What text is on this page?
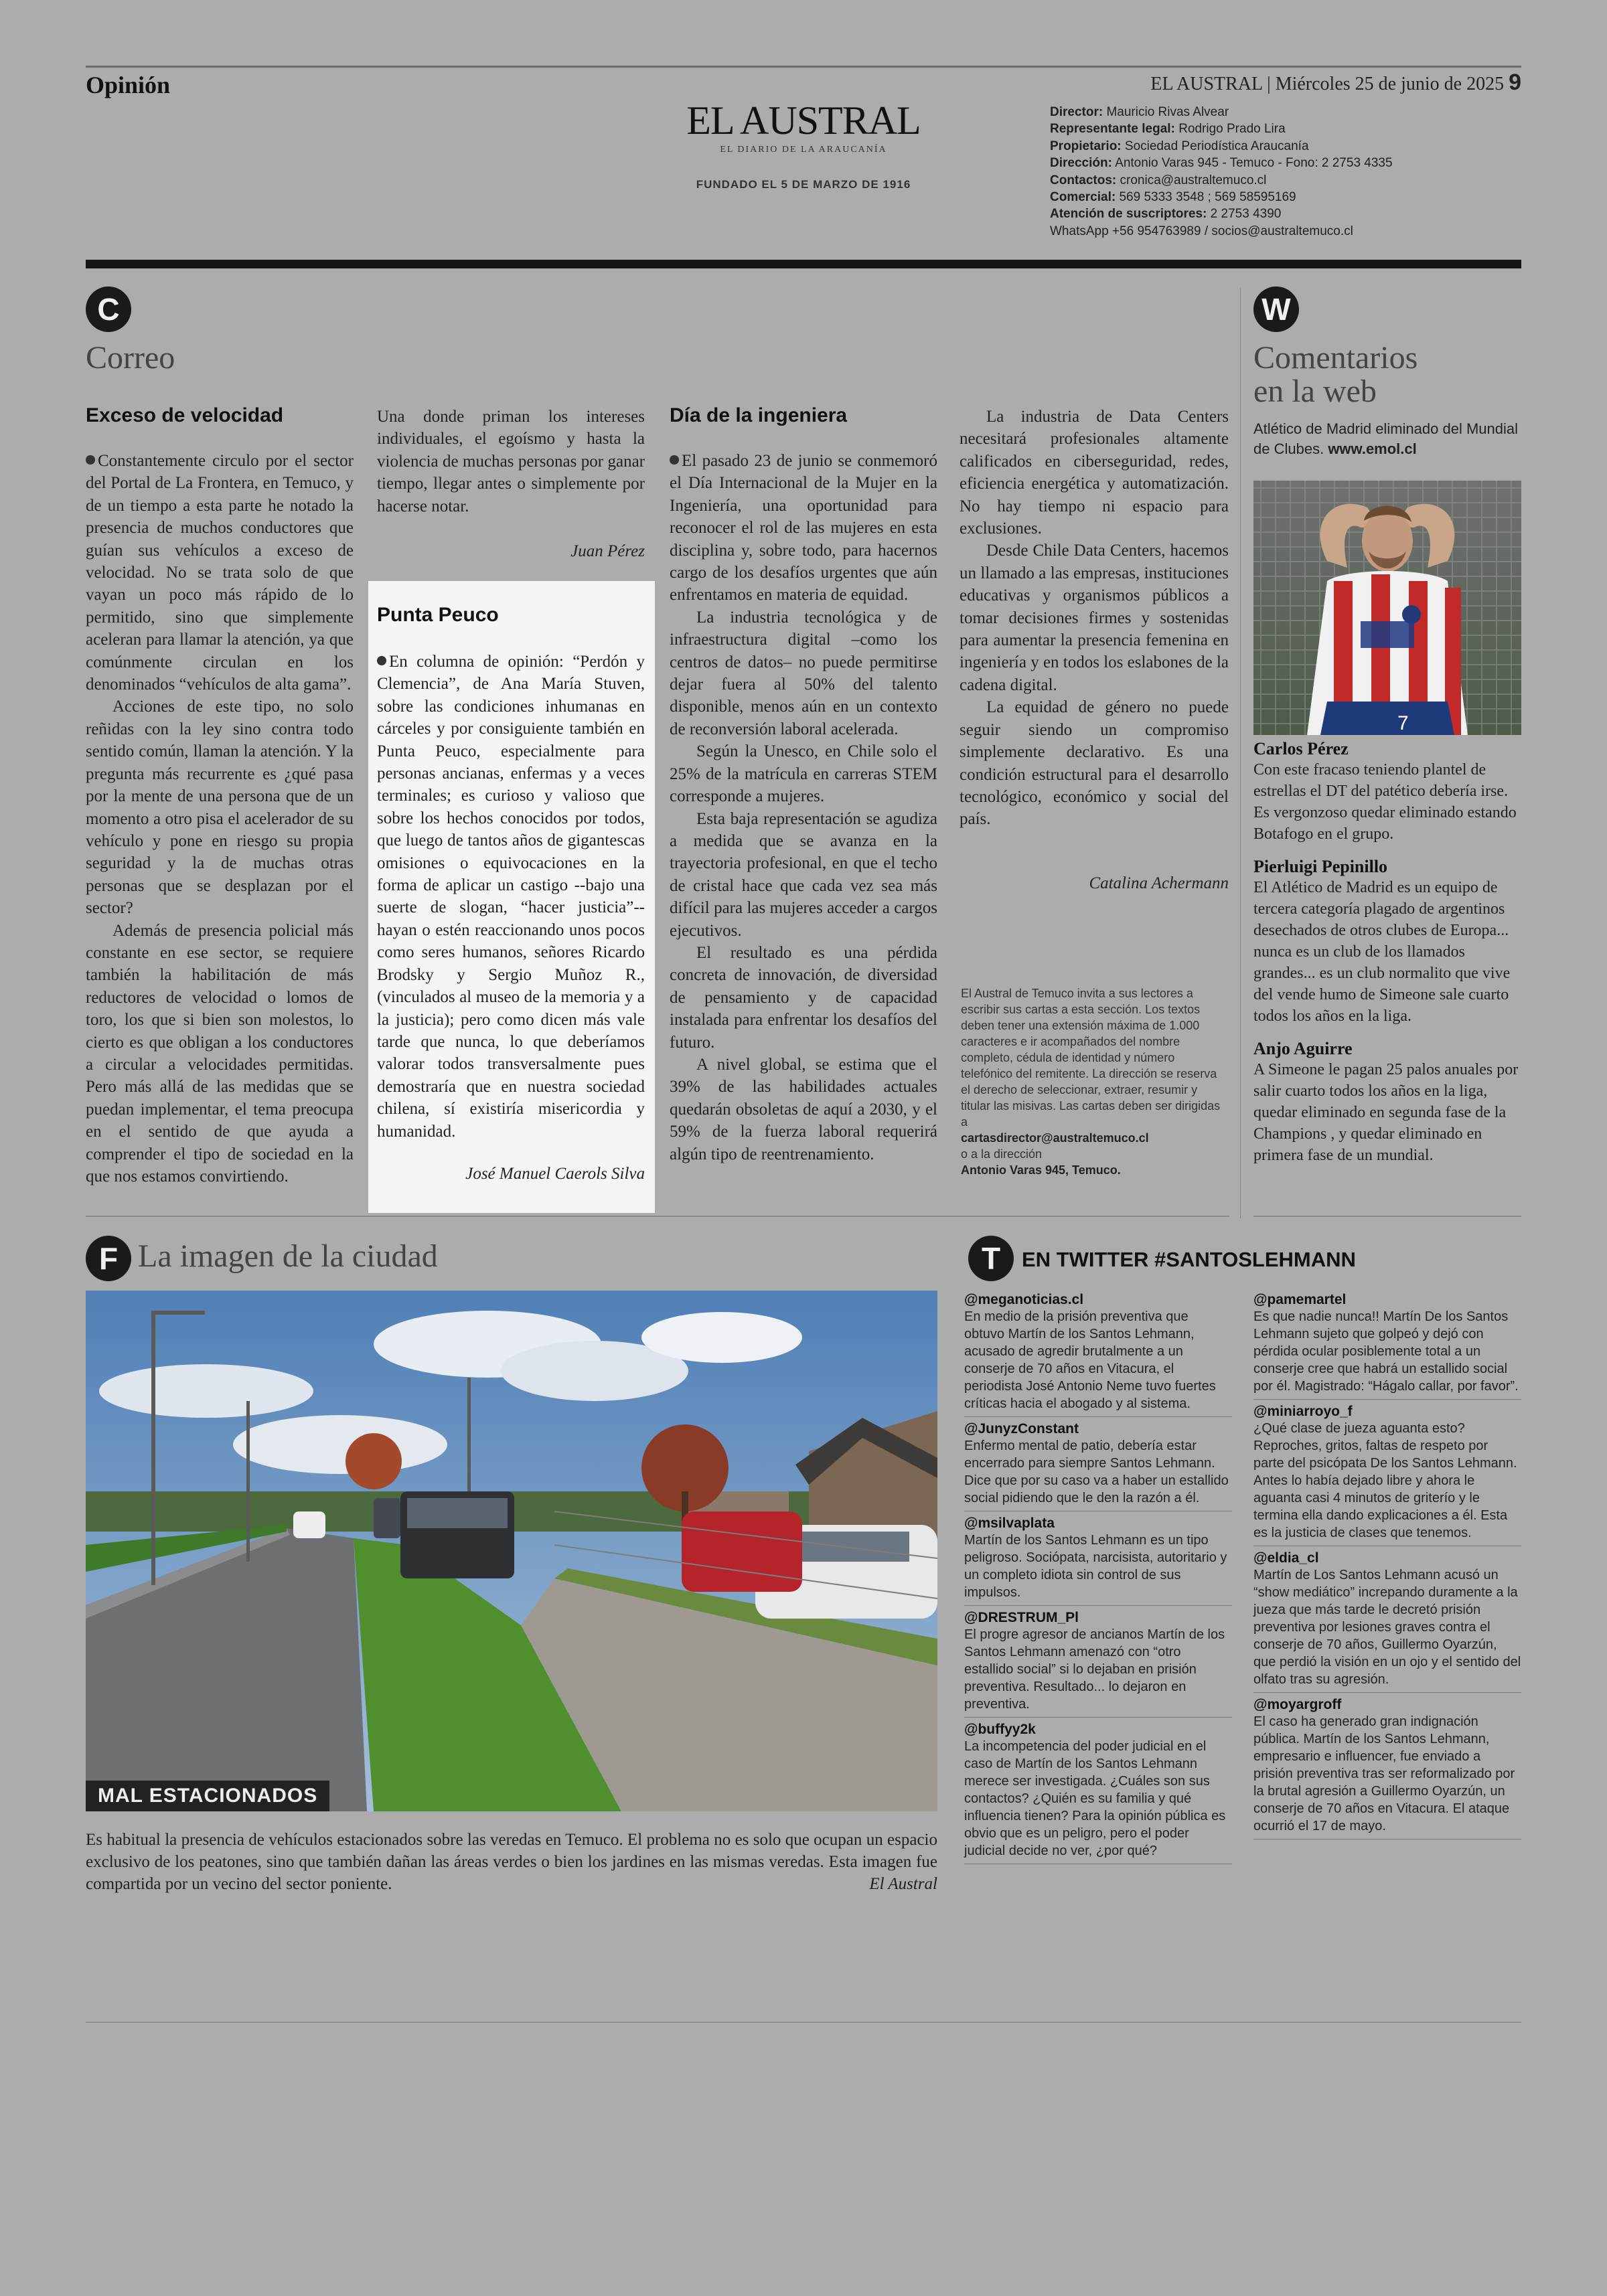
Opinión	EL AUSTRAL | Miércoles 25 de junio de 2025 9
EL AUSTRAL
EL DIARIO DE LA ARAUCANÍA
FUNDADO EL 5 DE MARZO DE 1916
Director: Mauricio Rivas Alvear
Representante legal: Rodrigo Prado Lira
Propietario: Sociedad Periodística Araucanía
Dirección: Antonio Varas 945 - Temuco - Fono: 2 2753 4335
Contactos: cronica@australtemuco.cl
Comercial: 569 5333 3548 ; 569 58595169
Atención de suscriptores: 2 2753 4390
WhatsApp +56 954763989 / socios@australtemuco.cl
C
Correo
Exceso de velocidad

Constantemente circulo por el sector del Portal de La Frontera, en Temuco, y de un tiempo a esta parte he notado la presencia de muchos conductores que guían sus vehículos a exceso de velocidad. No se trata solo de que vayan un poco más rápido de lo permitido, sino que simplemente aceleran para llamar la atención, ya que comúnmente circulan en los denominados “vehículos de alta gama”.

Acciones de este tipo, no solo reñidas con la ley sino contra todo sentido común, llaman la atención. Y la pregunta más recurrente es ¿qué pasa por la mente de una persona que de un momento a otro pisa el acelerador de su vehículo y pone en riesgo su propia seguridad y la de muchas otras personas que se desplazan por el sector?

Además de presencia policial más constante en ese sector, se requiere también la habilitación de más reductores de velocidad o lomos de toro, los que si bien son molestos, lo cierto es que obligan a los conductores a circular a velocidades permitidas. Pero más allá de las medidas que se puedan implementar, el tema preocupa en el sentido de que ayuda a comprender el tipo de sociedad en la que nos estamos convirtiendo.

Una donde priman los intereses individuales, el egoísmo y hasta la violencia de muchas personas por ganar tiempo, llegar antes o simplemente por hacerse notar.

Juan Pérez
Punta Peuco

En columna de opinión: “Perdón y Clemencia”, de Ana María Stuven, sobre las condiciones inhumanas en cárceles y por consiguiente también en Punta Peuco, especialmente para personas ancianas, enfermas y a veces terminales; es curioso y valioso que sobre los hechos conocidos por todos, que luego de tantos años de gigantescas omisiones o equivocaciones en la forma de aplicar un castigo --bajo una suerte de slogan, “hacer justicia”-- hayan o estén reaccionando unos pocos como seres humanos, señores Ricardo Brodsky y Sergio Muñoz R., (vinculados al museo de la memoria y a la justicia); pero como dicen más vale tarde que nunca, lo que deberíamos valorar todos transversalmente pues demostraría que en nuestra sociedad chilena, sí existiría misericordia y humanidad.

José Manuel Caerols Silva
Día de la ingeniera

El pasado 23 de junio se conmemoró el Día Internacional de la Mujer en la Ingeniería, una oportunidad para reconocer el rol de las mujeres en esta disciplina y, sobre todo, para hacernos cargo de los desafíos urgentes que aún enfrentamos en materia de equidad.

La industria tecnológica y de infraestructura digital –como los centros de datos– no puede permitirse dejar fuera al 50% del talento disponible, menos aún en un contexto de reconversión laboral acelerada.

Según la Unesco, en Chile solo el 25% de la matrícula en carreras STEM corresponde a mujeres.

Esta baja representación se agudiza a medida que se avanza en la trayectoria profesional, en que el techo de cristal hace que cada vez sea más difícil para las mujeres acceder a cargos ejecutivos.

El resultado es una pérdida concreta de innovación, de diversidad de pensamiento y de capacidad instalada para enfrentar los desafíos del futuro.

A nivel global, se estima que el 39% de las habilidades actuales quedarán obsoletas de aquí a 2030, y el 59% de la fuerza laboral requerirá algún tipo de reentrenamiento.

La industria de Data Centers necesitará profesionales altamente calificados en ciberseguridad, redes, eficiencia energética y automatización. No hay tiempo ni espacio para exclusiones.

Desde Chile Data Centers, hacemos un llamado a las empresas, instituciones educativas y organismos públicos a tomar decisiones firmes y sostenidas para aumentar la presencia femenina en ingeniería y en todos los eslabones de la cadena digital.

La equidad de género no puede seguir siendo un compromiso simplemente declarativo. Es una condición estructural para el desarrollo tecnológico, económico y social del país.

Catalina Achermann
El Austral de Temuco invita a sus lectores a escribir sus cartas a esta sección. Los textos deben tener una extensión máxima de 1.000 caracteres e ir acompañados del nombre completo, cédula de identidad y número telefónico del remitente. La dirección se reserva el derecho de seleccionar, extraer, resumir y titular las misivas. Las cartas deben ser dirigidas a
cartasdirector@australtemuco.cl
o a la dirección
Antonio Varas 945, Temuco.
W
Comentarios
en la web
Atlético de Madrid eliminado del Mundial de Clubes. www.emol.cl
7
Carlos Pérez
Con este fracaso teniendo plantel de estrellas el DT del patético debería irse. Es vergonzoso quedar eliminado estando Botafogo en el grupo.
Pierluigi Pepinillo
El Atlético de Madrid es un equipo de tercera categoría plagado de argentinos desechados de otros clubes de Europa... nunca es un club de los llamados grandes... es un club normalito que vive del vende humo de Simeone sale cuarto todos los años en la liga.
Anjo Aguirre
A Simeone le pagan 25 palos anuales por salir cuarto todos los años en la liga, quedar eliminado en segunda fase de la Champions , y quedar eliminado en primera fase de un mundial.
F La imagen de la ciudad
MAL ESTACIONADOS
Es habitual la presencia de vehículos estacionados sobre las veredas en Temuco. El problema no es solo que ocupan un espacio exclusivo de los peatones, sino que también dañan las áreas verdes o bien los jardines en las mismas veredas. Esta imagen fue compartida por un vecino del sector poniente.	El Austral
T	EN TWITTER #SANTOSLEHMANN
@meganoticias.cl
En medio de la prisión preventiva que obtuvo Martín de los Santos Lehmann, acusado de agredir brutalmente a un conserje de 70 años en Vitacura, el periodista José Antonio Neme tuvo fuertes críticas hacia el abogado y al sistema.
@JunyzConstant
Enfermo mental de patio, debería estar encerrado para siempre Santos Lehmann. Dice que por su caso va a haber un estallido social pidiendo que le den la razón a él.
@msilvaplata
Martín de los Santos Lehmann es un tipo peligroso. Sociópata, narcisista, autoritario y un completo idiota sin control de sus impulsos.
@DRESTRUM_Pl
El progre agresor de ancianos Martín de los Santos Lehmann amenazó con “otro estallido social” si lo dejaban en prisión preventiva. Resultado... lo dejaron en preventiva.
@buffyy2k
La incompetencia del poder judicial en el caso de Martín de los Santos Lehmann merece ser investigada. ¿Cuáles son sus contactos? ¿Quién es su familia y qué influencia tienen? Para la opinión pública es obvio que es un peligro, pero el poder judicial decide no ver, ¿por qué?
@pamemartel
Es que nadie nunca!! Martín De los Santos Lehmann sujeto que golpeó y dejó con pérdida ocular posiblemente total a un conserje cree que habrá un estallido social por él. Magistrado: “Hágalo callar, por favor”.
@miniarroyo_f
¿Qué clase de jueza aguanta esto? Reproches, gritos, faltas de respeto por parte del psicópata De los Santos Lehmann. Antes lo había dejado libre y ahora le aguanta casi 4 minutos de griterío y le termina ella dando explicaciones a él. Esta es la justicia de clases que tenemos.
@eldia_cl
Martín de Los Santos Lehmann acusó un “show mediático” increpando duramente a la jueza que más tarde le decretó prisión preventiva por lesiones graves contra el conserje de 70 años, Guillermo Oyarzún, que perdió la visión en un ojo y el sentido del olfato tras su agresión.
@moyargroff
El caso ha generado gran indignación pública. Martín de los Santos Lehmann, empresario e influencer, fue enviado a prisión preventiva tras ser reformalizado por la brutal agresión a Guillermo Oyarzún, un conserje de 70 años en Vitacura. El ataque ocurrió el 17 de mayo.
